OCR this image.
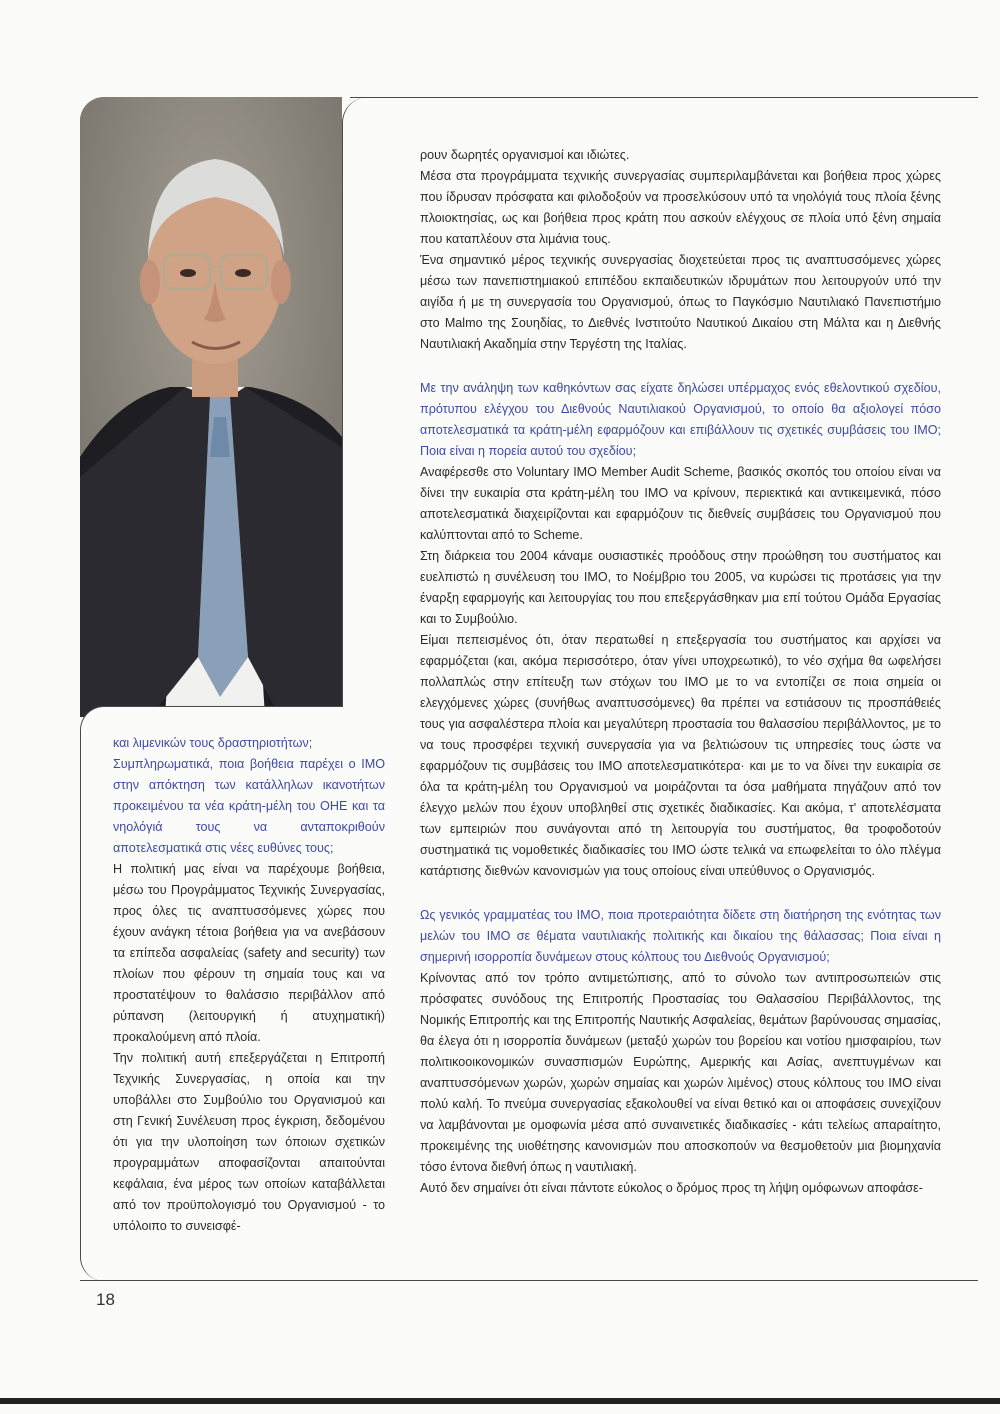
και λιμενικών τους δραστηριοτήτων;

Συμπληρωματικά, ποια βοήθεια παρέχει ο ΙΜΟ στην απόκτηση των κατάλληλων ικανοτήτων προκειμένου τα νέα κράτη-μέλη του ΟΗΕ και τα νηολόγιά τους να ανταποκριθούν αποτελεσματικά στις νέες ευθύνες τους;

Η πολιτική μας είναι να παρέχουμε βοήθεια, μέσω του Προγράμματος Τεχνικής Συνεργασίας, προς όλες τις αναπτυσσόμενες χώρες που έχουν ανάγκη τέτοια βοήθεια για να ανεβάσουν τα επίπεδα ασφαλείας (safety and security) των πλοίων που φέρουν τη σημαία τους και να προστατέψουν το θαλάσσιο περιβάλλον από ρύπανση (λειτουργική ή ατυχηματική) προκαλούμενη από πλοία.

Την πολιτική αυτή επεξεργάζεται η Επιτροπή Τεχνικής Συνεργασίας, η οποία και την υποβάλλει στο Συμβούλιο του Οργανισμού και στη Γενική Συνέλευση προς έγκριση, δεδομένου ότι για την υλοποίηση των όποιων σχετικών προγραμμάτων αποφασίζονται απαιτούνται κεφάλαια, ένα μέρος των οποίων καταβάλλεται από τον προϋπολογισμό του Οργανισμού - το υπόλοιπο το συνεισφέ-

ρουν δωρητές οργανισμοί και ιδιώτες.

Μέσα στα προγράμματα τεχνικής συνεργασίας συμπεριλαμβάνεται και βοήθεια προς χώρες που ίδρυσαν πρόσφατα και φιλοδοξούν να προσελκύσουν υπό τα νηολόγιά τους πλοία ξένης πλοιοκτησίας, ως και βοήθεια προς κράτη που ασκούν ελέγχους σε πλοία υπό ξένη σημαία που καταπλέουν στα λιμάνια τους.

Ένα σημαντικό μέρος τεχνικής συνεργασίας διοχετεύεται προς τις αναπτυσσόμενες χώρες μέσω των πανεπιστημιακού επιπέδου εκπαιδευτικών ιδρυμάτων που λειτουργούν υπό την αιγίδα ή με τη συνεργασία του Οργανισμού, όπως το Παγκόσμιο Ναυτιλιακό Πανεπιστήμιο στο Malmo της Σουηδίας, το Διεθνές Ινστιτούτο Ναυτικού Δικαίου στη Μάλτα και η Διεθνής Ναυτιλιακή Ακαδημία στην Τεργέστη της Ιταλίας.

Με την ανάληψη των καθηκόντων σας είχατε δηλώσει υπέρμαχος ενός εθελοντικού σχεδίου, πρότυπου ελέγχου του Διεθνούς Ναυτιλιακού Οργανισμού, το οποίο θα αξιολογεί πόσο αποτελεσματικά τα κράτη-μέλη εφαρμόζουν και επιβάλλουν τις σχετικές συμβάσεις του ΙΜΟ; Ποια είναι η πορεία αυτού του σχεδίου;

Αναφέρεσθε στο Voluntary IMO Member Audit Scheme, βασικός σκοπός του οποίου είναι να δίνει την ευκαιρία στα κράτη-μέλη του ΙΜΟ να κρίνουν, περιεκτικά και αντικειμενικά, πόσο αποτελεσματικά διαχειρίζονται και εφαρμόζουν τις διεθνείς συμβάσεις του Οργανισμού που καλύπτονται από το Scheme.

Στη διάρκεια του 2004 κάναμε ουσιαστικές προόδους στην προώθηση του συστήματος και ευελπιστώ η συνέλευση του ΙΜΟ, το Νοέμβριο του 2005, να κυρώσει τις προτάσεις για την έναρξη εφαρμογής και λειτουργίας του που επεξεργάσθηκαν μια επί τούτου Ομάδα Εργασίας και το Συμβούλιο.

Είμαι πεπεισμένος ότι, όταν περατωθεί η επεξεργασία του συστήματος και αρχίσει να εφαρμόζεται (και, ακόμα περισσότερο, όταν γίνει υποχρεωτικό), το νέο σχήμα θα ωφελήσει πολλαπλώς στην επίτευξη των στόχων του ΙΜΟ με το να εντοπίζει σε ποια σημεία οι ελεγχόμενες χώρες (συνήθως αναπτυσσόμενες) θα πρέπει να εστιάσουν τις προσπάθειές τους για ασφαλέστερα πλοία και μεγαλύτερη προστασία του θαλασσίου περιβάλλοντος, με το να τους προσφέρει τεχνική συνεργασία για να βελτιώσουν τις υπηρεσίες τους ώστε να εφαρμόζουν τις συμβάσεις του ΙΜΟ αποτελεσματικότερα· και με το να δίνει την ευκαιρία σε όλα τα κράτη-μέλη του Οργανισμού να μοιράζονται τα όσα μαθήματα πηγάζουν από τον έλεγχο μελών που έχουν υποβληθεί στις σχετικές διαδικασίες. Και ακόμα, τ' αποτελέσματα των εμπειριών που συνάγονται από τη λειτουργία του συστήματος, θα τροφοδοτούν συστηματικά τις νομοθετικές διαδικασίες του ΙΜΟ ώστε τελικά να επωφελείται το όλο πλέγμα κατάρτισης διεθνών κανονισμών για τους οποίους είναι υπεύθυνος ο Οργανισμός.

Ως γενικός γραμματέας του ΙΜΟ, ποια προτεραιότητα δίδετε στη διατήρηση της ενότητας των μελών του ΙΜΟ σε θέματα ναυτιλιακής πολιτικής και δικαίου της θάλασσας; Ποια είναι η σημερινή ισορροπία δυνάμεων στους κόλπους του Διεθνούς Οργανισμού;

Κρίνοντας από τον τρόπο αντιμετώπισης, από το σύνολο των αντιπροσωπειών στις πρόσφατες συνόδους της Επιτροπής Προστασίας του Θαλασσίου Περιβάλλοντος, της Νομικής Επιτροπής και της Επιτροπής Ναυτικής Ασφαλείας, θεμάτων βαρύνουσας σημασίας, θα έλεγα ότι η ισορροπία δυνάμεων (μεταξύ χωρών του βορείου και νοτίου ημισφαιρίου, των πολιτικοοικονομικών συνασπισμών Ευρώπης, Αμερικής και Ασίας, ανεπτυγμένων και αναπτυσσόμενων χωρών, χωρών σημαίας και χωρών λιμένος) στους κόλπους του ΙΜΟ είναι πολύ καλή. Το πνεύμα συνεργασίας εξακολουθεί να είναι θετικό και οι αποφάσεις συνεχίζουν να λαμβάνονται με ομοφωνία μέσα από συναινετικές διαδικασίες - κάτι τελείως απαραίτητο, προκειμένης της υιοθέτησης κανονισμών που αποσκοπούν να θεσμοθετούν μια βιομηχανία τόσο έντονα διεθνή όπως η ναυτιλιακή.

Αυτό δεν σημαίνει ότι είναι πάντοτε εύκολος ο δρόμος προς τη λήψη ομόφωνων αποφάσε-

18
